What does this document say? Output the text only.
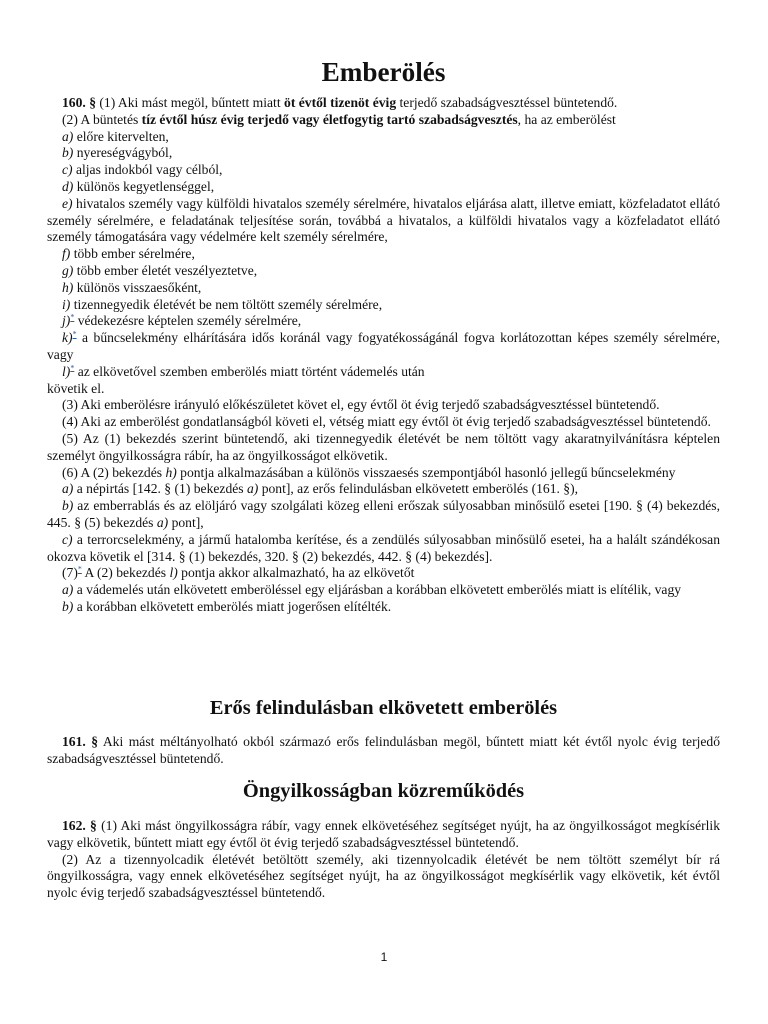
Emberölés

160. § (1) Aki mást megöl, bűntett miatt öt évtől tizenöt évig terjedő szabadságvesztéssel büntetendő.

(2) A büntetés tíz évtől húsz évig terjedő vagy életfogytig tartó szabadságvesztés, ha az emberölést

a) előre kitervelten,

b) nyereségvágyból,

c) aljas indokból vagy célból,

d) különös kegyetlenséggel,

e) hivatalos személy vagy külföldi hivatalos személy sérelmére, hivatalos eljárása alatt, illetve emiatt, közfeladatot ellátó személy sérelmére, e feladatának teljesítése során, továbbá a hivatalos, a külföldi hivatalos vagy a közfeladatot ellátó személy támogatására vagy védelmére kelt személy sérelmére,

f) több ember sérelmére,

g) több ember életét veszélyeztetve,

h) különös visszaesőként,

i) tizennegyedik életévét be nem töltött személy sérelmére,

j)* védekezésre képtelen személy sérelmére,

k)* a bűncselekmény elhárítására idős koránál vagy fogyatékosságánál fogva korlátozottan képes személy sérelmére, vagy

l)* az elkövetővel szemben emberölés miatt történt vádemelés után

követik el.

(3) Aki emberölésre irányuló előkészületet követ el, egy évtől öt évig terjedő szabadságvesztéssel büntetendő.

(4) Aki az emberölést gondatlanságból követi el, vétség miatt egy évtől öt évig terjedő szabadságvesztéssel büntetendő.

(5) Az (1) bekezdés szerint büntetendő, aki tizennegyedik életévét be nem töltött vagy akaratnyilvánításra képtelen személyt öngyilkosságra rábír, ha az öngyilkosságot elkövetik.

(6) A (2) bekezdés h) pontja alkalmazásában a különös visszaesés szempontjából hasonló jellegű bűncselekmény

a) a népirtás [142. § (1) bekezdés a) pont], az erős felindulásban elkövetett emberölés (161. §),

b) az emberrablás és az elöljáró vagy szolgálati közeg elleni erőszak súlyosabban minősülő esetei [190. § (4) bekezdés, 445. § (5) bekezdés a) pont],

c) a terrorcselekmény, a jármű hatalomba kerítése, és a zendülés súlyosabban minősülő esetei, ha a halált szándékosan okozva követik el [314. § (1) bekezdés, 320. § (2) bekezdés, 442. § (4) bekezdés].

(7)* A (2) bekezdés l) pontja akkor alkalmazható, ha az elkövetőt

a) a vádemelés után elkövetett emberöléssel egy eljárásban a korábban elkövetett emberölés miatt is elítélik, vagy

b) a korábban elkövetett emberölés miatt jogerősen elítélték.

Erős felindulásban elkövetett emberölés

161. § Aki mást méltányolható okból származó erős felindulásban megöl, bűntett miatt két évtől nyolc évig terjedő szabadságvesztéssel büntetendő.

Öngyilkosságban közreműködés

162. § (1) Aki mást öngyilkosságra rábír, vagy ennek elkövetéséhez segítséget nyújt, ha az öngyilkosságot megkísérlik vagy elkövetik, bűntett miatt egy évtől öt évig terjedő szabadságvesztéssel büntetendő.

(2) Az a tizennyolcadik életévét betöltött személy, aki tizennyolcadik életévét be nem töltött személyt bír rá öngyilkosságra, vagy ennek elkövetéséhez segítséget nyújt, ha az öngyilkosságot megkísérlik vagy elkövetik, két évtől nyolc évig terjedő szabadságvesztéssel büntetendő.

1
